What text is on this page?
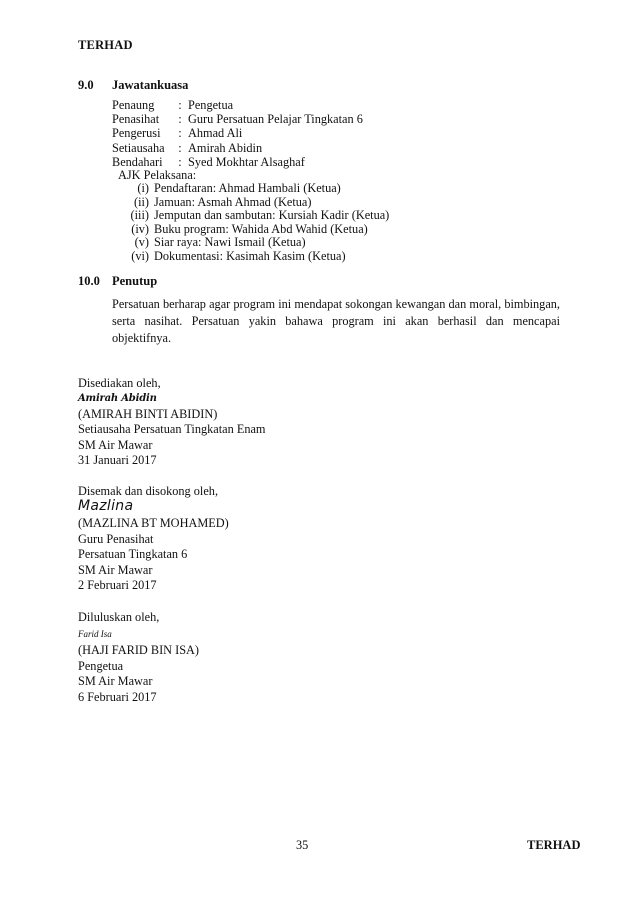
TERHAD
9.0 Jawatankuasa
Penaung	: Pengetua
Penasihat	: Guru Persatuan Pelajar Tingkatan 6
Pengerusi	: Ahmad Ali
Setiausaha	: Amirah Abidin
Bendahari	: Syed Mokhtar Alsaghaf
AJK Pelaksana:
(i) Pendaftaran: Ahmad Hambali (Ketua)
(ii) Jamuan: Asmah Ahmad (Ketua)
(iii) Jemputan dan sambutan: Kursiah Kadir (Ketua)
(iv) Buku program: Wahida Abd Wahid (Ketua)
(v) Siar raya: Nawi Ismail (Ketua)
(vi) Dokumentasi: Kasimah Kasim (Ketua)
10.0 Penutup
Persatuan berharap agar program ini mendapat sokongan kewangan dan moral, bimbingan, serta nasihat. Persatuan yakin bahawa program ini akan berhasil dan mencapai objektifnya.
Disediakan oleh,
Amirah Abidin
(AMIRAH BINTI ABIDIN)
Setiausaha Persatuan Tingkatan Enam
SM Air Mawar
31 Januari 2017
Disemak dan disokong oleh,
Mazlina
(MAZLINA BT MOHAMED)
Guru Penasihat
Persatuan Tingkatan 6
SM Air Mawar
2 Februari 2017
Diluluskan oleh,
Farid Isa
(HAJI FARID BIN ISA)
Pengetua
SM Air Mawar
6 Februari 2017
35	TERHAD
